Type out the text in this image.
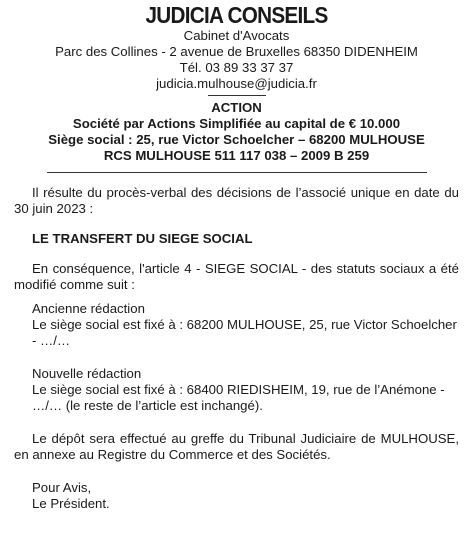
JUDICIA CONSEILS
Cabinet d'Avocats
Parc des Collines - 2 avenue de Bruxelles 68350 DIDENHEIM
Tél. 03 89 33 37 37
judicia.mulhouse@judicia.fr
ACTION
Société par Actions Simplifiée au capital de € 10.000
Siège social : 25, rue Victor Schoelcher – 68200 MULHOUSE
RCS MULHOUSE 511 117 038 – 2009 B 259
Il résulte du procès-verbal des décisions de l’associé unique en date du 30 juin 2023 :
LE TRANSFERT DU SIEGE SOCIAL
En conséquence, l'article 4 - SIEGE SOCIAL - des statuts sociaux a été modifié comme suit :
Ancienne rédaction
Le siège social est fixé à : 68200 MULHOUSE, 25, rue Victor Schoelcher - …/…
Nouvelle rédaction
Le siège social est fixé à : 68400 RIEDISHEIM, 19, rue de l’Anémone - …/… (le reste de l’article est inchangé).
Le dépôt sera effectué au greffe du Tribunal Judiciaire de MULHOUSE, en annexe au Registre du Commerce et des Sociétés.
Pour Avis,
Le Président.
